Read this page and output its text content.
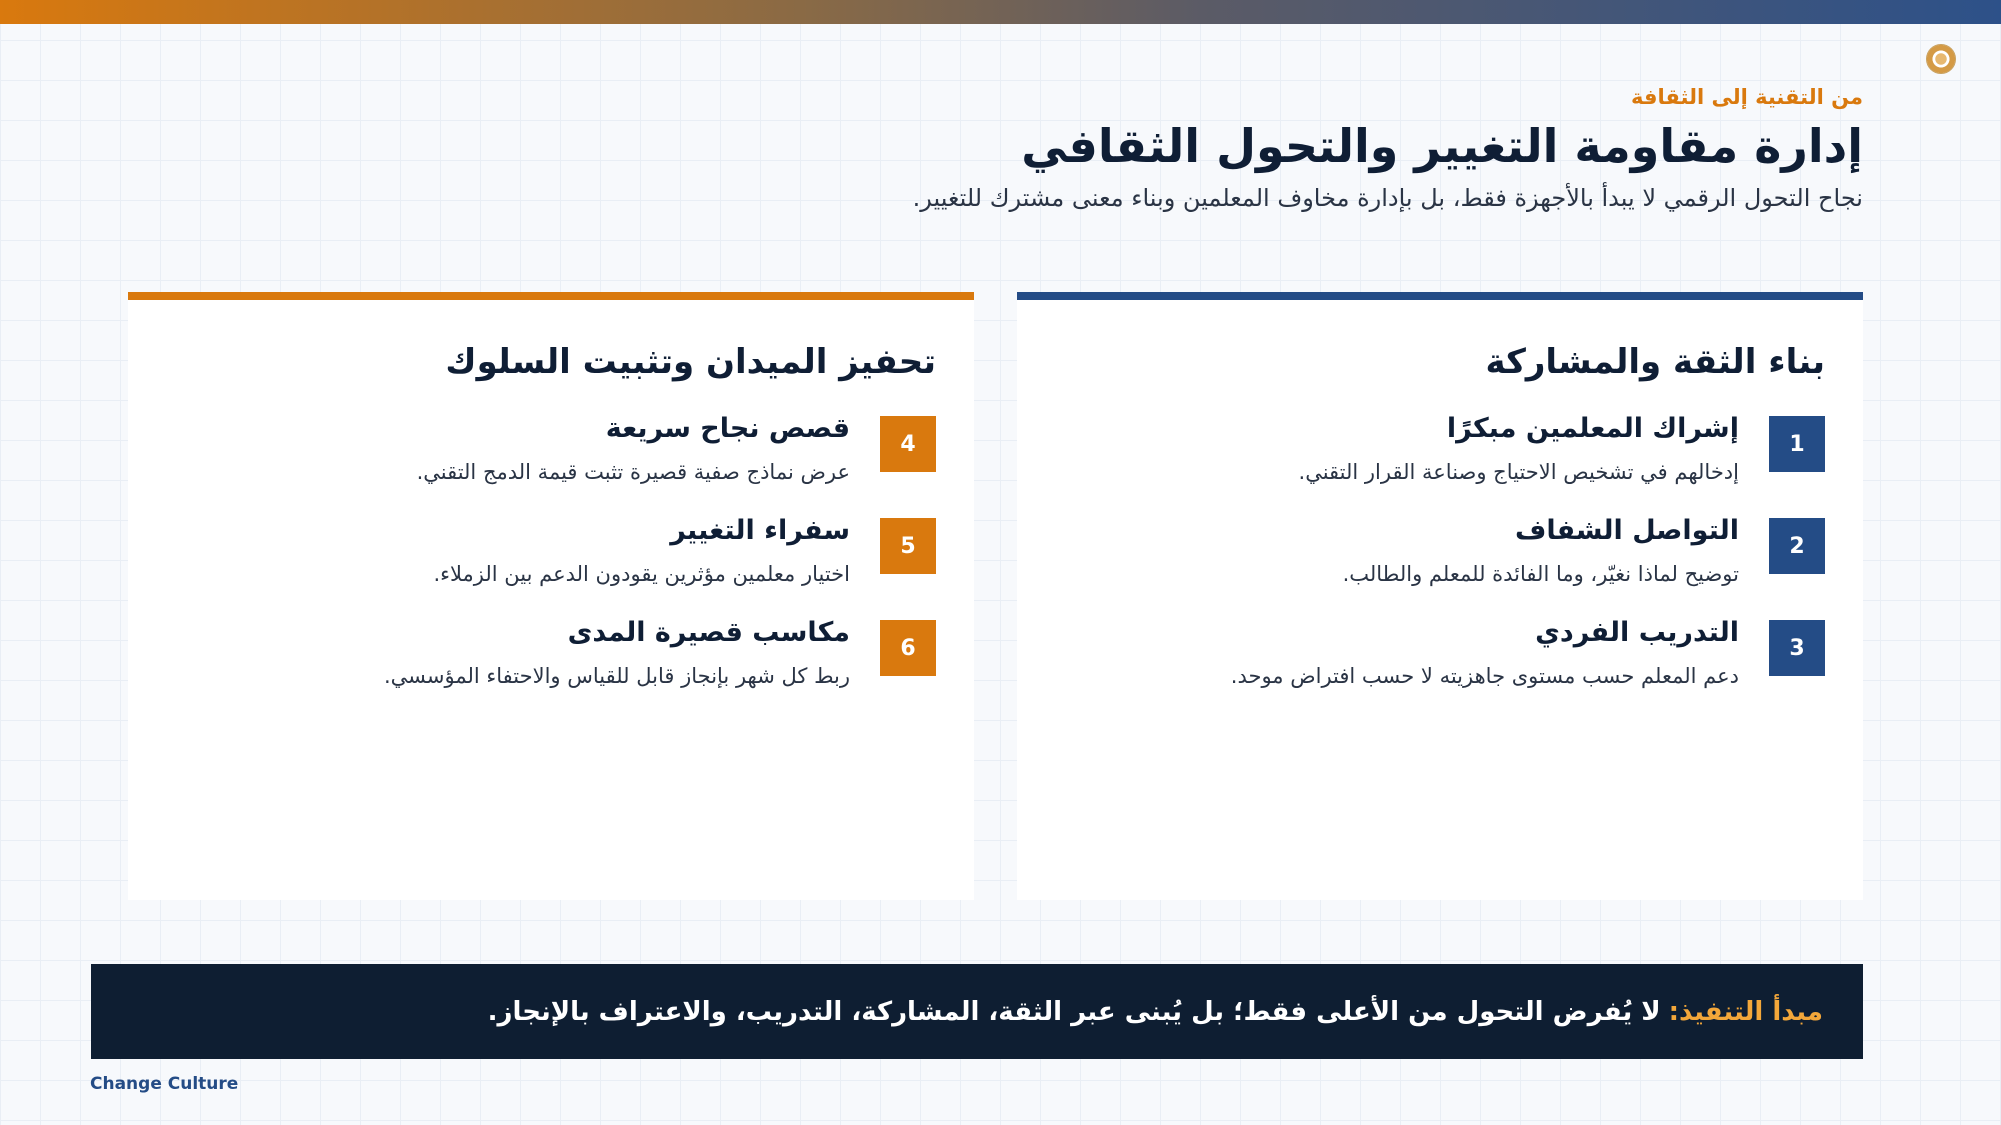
من التقنية إلى الثقافة
إدارة مقاومة التغيير والتحول الثقافي
نجاح التحول الرقمي لا يبدأ بالأجهزة فقط، بل بإدارة مخاوف المعلمين وبناء معنى مشترك للتغيير.
بناء الثقة والمشاركة
1
إشراك المعلمين مبكرًا
إدخالهم في تشخيص الاحتياج وصناعة القرار التقني.
2
التواصل الشفاف
توضيح لماذا نغيّر، وما الفائدة للمعلم والطالب.
3
التدريب الفردي
دعم المعلم حسب مستوى جاهزيته لا حسب افتراض موحد.
تحفيز الميدان وتثبيت السلوك
4
قصص نجاح سريعة
عرض نماذج صفية قصيرة تثبت قيمة الدمج التقني.
5
سفراء التغيير
اختيار معلمين مؤثرين يقودون الدعم بين الزملاء.
6
مكاسب قصيرة المدى
ربط كل شهر بإنجاز قابل للقياس والاحتفاء المؤسسي.
مبدأ التنفيذ:
لا يُفرض التحول من الأعلى فقط؛ بل يُبنى عبر الثقة، المشاركة، التدريب، والاعتراف بالإنجاز.
Change Culture
